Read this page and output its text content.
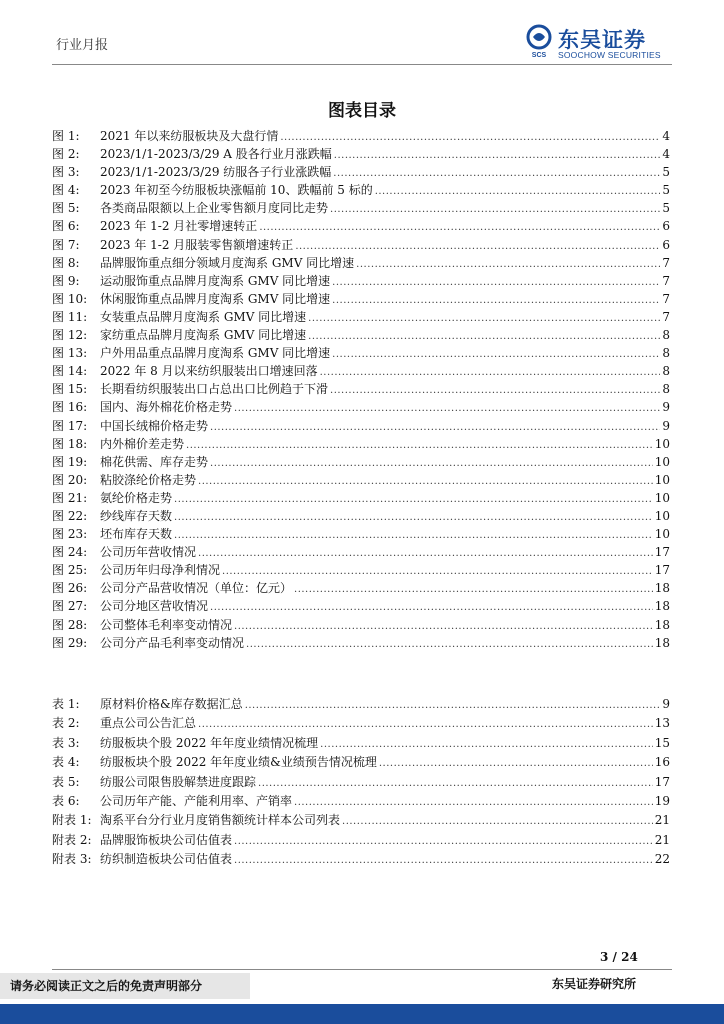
行业月报
SCS
东吴证券
SOOCHOW SECURITIES
图表目录
图 1:	2021 年以来纺服板块及大盘行情 .....	4
图 2:	2023/1/1-2023/3/29 A 股各行业月涨跌幅 .....	4
图 3:	2023/1/1-2023/3/29 纺服各子行业涨跌幅 .....	5
图 4:	2023 年初至今纺服板块涨幅前 10、跌幅前 5 标的 .....	5
图 5:	各类商品限额以上企业零售额月度同比走势 .....	5
图 6:	2023 年 1-2 月社零增速转正 .....	6
图 7:	2023 年 1-2 月服装零售额增速转正 .....	6
图 8:	品牌服饰重点细分领域月度淘系 GMV 同比增速 .....	7
图 9:	运动服饰重点品牌月度淘系 GMV 同比增速 .....	7
图 10:	休闲服饰重点品牌月度淘系 GMV 同比增速 .....	7
图 11:	女装重点品牌月度淘系 GMV 同比增速 .....	7
图 12:	家纺重点品牌月度淘系 GMV 同比增速 .....	8
图 13:	户外用品重点品牌月度淘系 GMV 同比增速 .....	8
图 14:	2022 年 8 月以来纺织服装出口增速回落 .....	8
图 15:	长期看纺织服装出口占总出口比例趋于下滑 .....	8
图 16:	国内、海外棉花价格走势 .....	9
图 17:	中国长绒棉价格走势 .....	9
图 18:	内外棉价差走势 .....	10
图 19:	棉花供需、库存走势 .....	10
图 20:	粘胶涤纶价格走势 .....	10
图 21:	氨纶价格走势 .....	10
图 22:	纱线库存天数 .....	10
图 23:	坯布库存天数 .....	10
图 24:	公司历年营收情况 .....	17
图 25:	公司历年归母净利情况 .....	17
图 26:	公司分产品营收情况（单位：亿元） .....	18
图 27:	公司分地区营收情况 .....	18
图 28:	公司整体毛利率变动情况 .....	18
图 29:	公司分产品毛利率变动情况 .....	18
表 1:	原材料价格&库存数据汇总 .....	9
表 2:	重点公司公告汇总 .....	13
表 3:	纺服板块个股 2022 年年度业绩情况梳理 .....	15
表 4:	纺服板块个股 2022 年年度业绩&业绩预告情况梳理 .....	16
表 5:	纺服公司限售股解禁进度跟踪 .....	17
表 6:	公司历年产能、产能利用率、产销率 .....	19
附表 1: 淘系平台分行业月度销售额统计样本公司列表 .....	21
附表 2: 品牌服饰板块公司估值表 .....	21
附表 3: 纺织制造板块公司估值表 .....	22
3 / 24
请务必阅读正文之后的免责声明部分	东吴证券研究所
